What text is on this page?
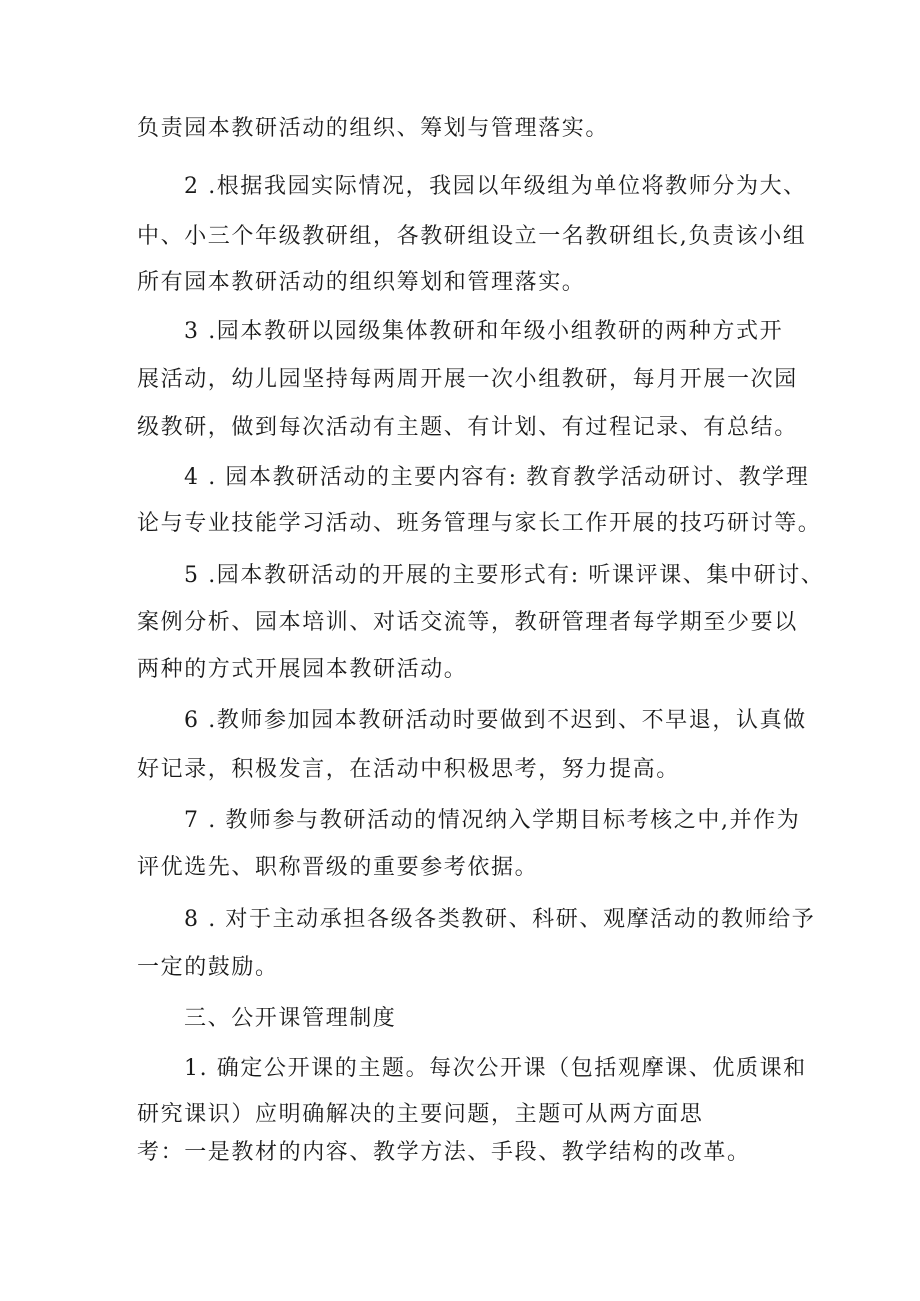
负责园本教研活动的组织、筹划与管理落实。

2 .根据我园实际情况，我园以年级组为单位将教师分为大、

中、小三个年级教研组，各教研组设立一名教研组长,负责该小组

所有园本教研活动的组织筹划和管理落实。

3 .园本教研以园级集体教研和年级小组教研的两种方式开

展活动，幼儿园坚持每两周开展一次小组教研，每月开展一次园

级教研，做到每次活动有主题、有计划、有过程记录、有总结。

4 . 园本教研活动的主要内容有: 教育教学活动研讨、教学理

论与专业技能学习活动、班务管理与家长工作开展的技巧研讨等。

5 .园本教研活动的开展的主要形式有: 听课评课、集中研讨、

案例分析、园本培训、对话交流等，教研管理者每学期至少要以

两种的方式开展园本教研活动。

6 .教师参加园本教研活动时要做到不迟到、不早退，认真做

好记录，积极发言，在活动中积极思考，努力提高。

7 . 教师参与教研活动的情况纳入学期目标考核之中,并作为

评优选先、职称晋级的重要参考依据。

8 . 对于主动承担各级各类教研、科研、观摩活动的教师给予

一定的鼓励。

三、公开课管理制度

1. 确定公开课的主题。每次公开课（包括观摩课、优质课和

研究课识）应明确解决的主要问题，主题可从两方面思

考：一是教材的内容、教学方法、手段、教学结构的改革。
